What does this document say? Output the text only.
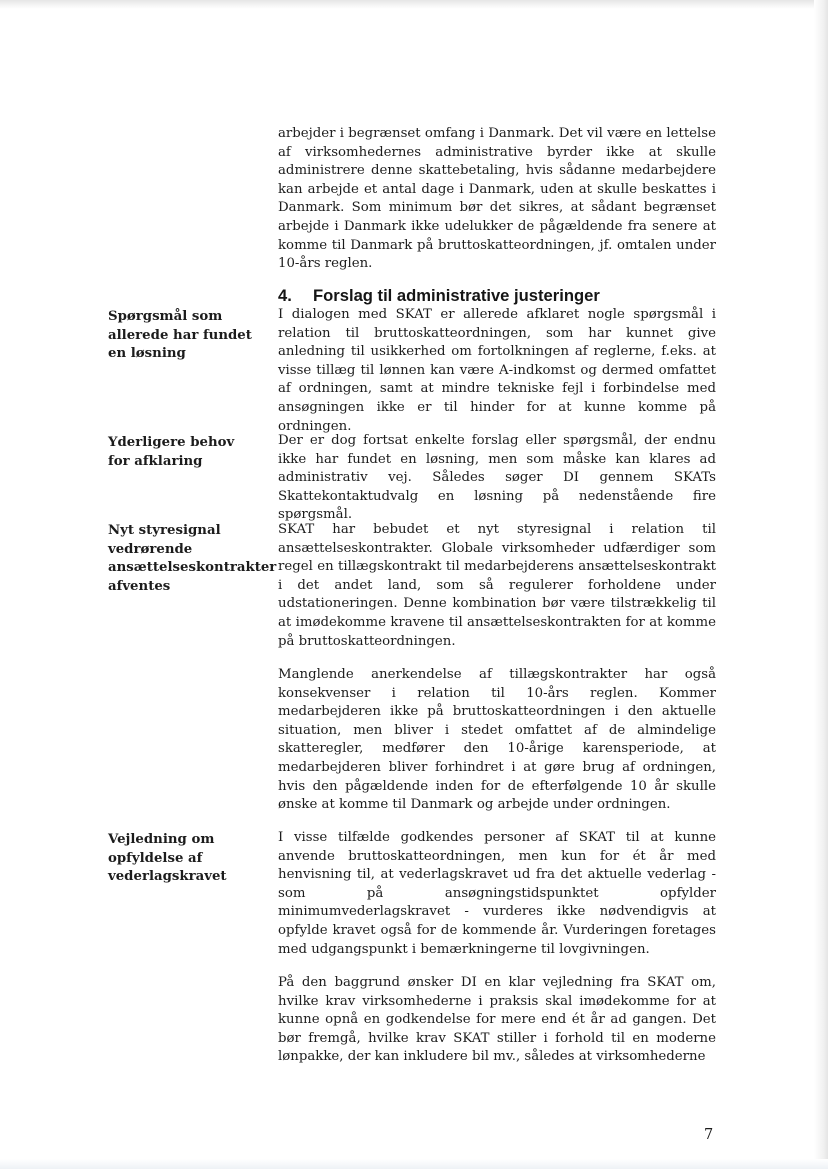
arbejder i begrænset omfang i Danmark. Det vil være en lettelse af virksomhedernes administrative byrder ikke at skulle administrere denne skattebetaling, hvis sådanne medarbejdere kan arbejde et antal dage i Danmark, uden at skulle beskattes i Danmark. Som minimum bør det sikres, at sådant begrænset arbejde i Danmark ikke udelukker de pågældende fra senere at komme til Danmark på bruttoskatteordningen, jf. omtalen under 10-års reglen.

4.	Forslag til administrative justeringer

Spørgsmål som allerede har fundet en løsning

I dialogen med SKAT er allerede afklaret nogle spørgsmål i relation til bruttoskatteordningen, som har kunnet give anledning til usikkerhed om fortolkningen af reglerne, f.eks. at visse tillæg til lønnen kan være A-indkomst og dermed omfattet af ordningen, samt at mindre tekniske fejl i forbindelse med ansøgningen ikke er til hinder for at kunne komme på ordningen.

Yderligere behov for afklaring

Der er dog fortsat enkelte forslag eller spørgsmål, der endnu ikke har fundet en løsning, men som måske kan klares ad administrativ vej. Således søger DI gennem SKATs Skattekontaktudvalg en løsning på nedenstående fire spørgsmål.

Nyt styresignal vedrørende ansættelseskontrakter afventes

SKAT har bebudet et nyt styresignal i relation til ansættelseskontrakter. Globale virksomheder udfærdiger som regel en tillægskontrakt til medarbejderens ansættelseskontrakt i det andet land, som så regulerer forholdene under udstationeringen. Denne kombination bør være tilstrækkelig til at imødekomme kravene til ansættelseskontrakten for at komme på bruttoskatteordningen.

Manglende anerkendelse af tillægskontrakter har også konsekvenser i relation til 10-års reglen. Kommer medarbejderen ikke på bruttoskatteordningen i den aktuelle situation, men bliver i stedet omfattet af de almindelige skatteregler, medfører den 10-årige karensperiode, at medarbejderen bliver forhindret i at gøre brug af ordningen, hvis den pågældende inden for de efterfølgende 10 år skulle ønske at komme til Danmark og arbejde under ordningen.

Vejledning om opfyldelse af vederlagskravet

I visse tilfælde godkendes personer af SKAT til at kunne anvende bruttoskatteordningen, men kun for ét år med henvisning til, at vederlagskravet ud fra det aktuelle vederlag - som på ansøgningstidspunktet opfylder minimumvederlagskravet - vurderes ikke nødvendigvis at opfylde kravet også for de kommende år. Vurderingen foretages med udgangspunkt i bemærkningerne til lovgivningen.

På den baggrund ønsker DI en klar vejledning fra SKAT om, hvilke krav virksomhederne i praksis skal imødekomme for at kunne opnå en godkendelse for mere end ét år ad gangen. Det bør fremgå, hvilke krav SKAT stiller i forhold til en moderne lønpakke, der kan inkludere bil mv., således at virksomhederne

7
